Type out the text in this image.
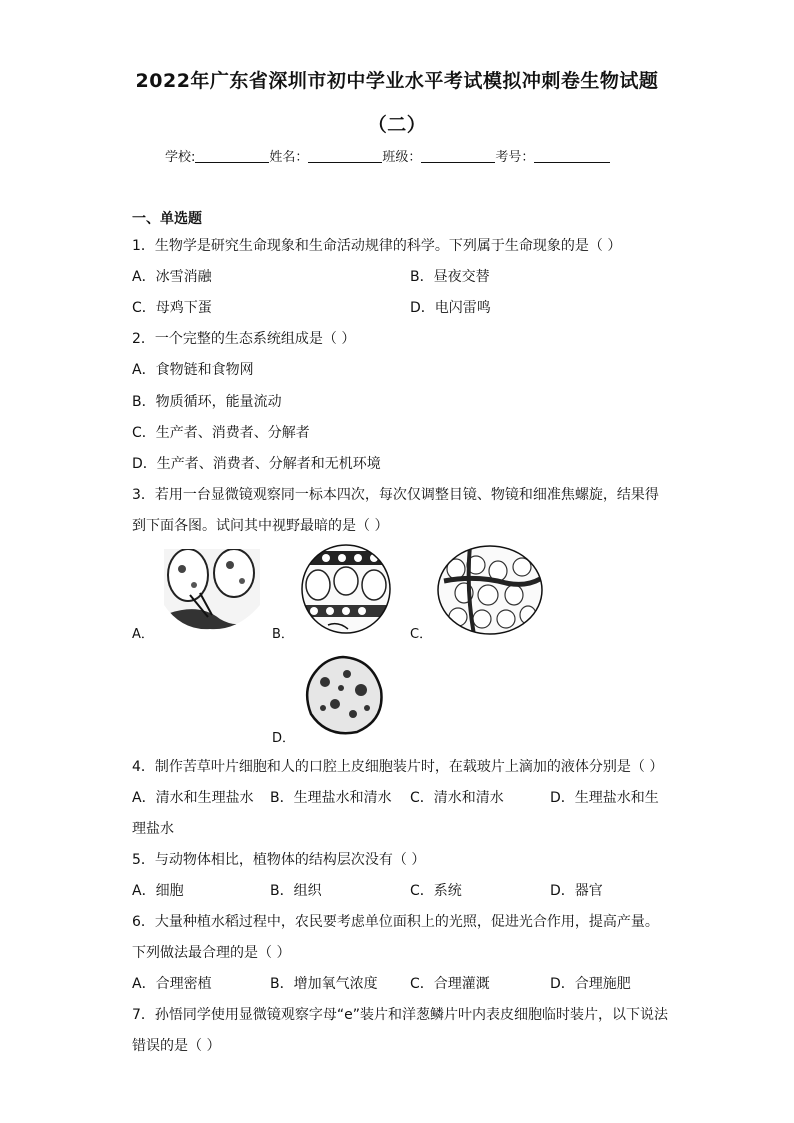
2022年广东省深圳市初中学业水平考试模拟冲刺卷生物试题
（二）
学校:	姓名：	班级：	考号：
一、单选题
1．生物学是研究生命现象和生命活动规律的科学。下列属于生命现象的是（ ）
A．冰雪消融	B．昼夜交替
C．母鸡下蛋	D．电闪雷鸣
2．一个完整的生态系统组成是（ ）
A．食物链和食物网
B．物质循环，能量流动
C．生产者、消费者、分解者
D．生产者、消费者、分解者和无机环境
3．若用一台显微镜观察同一标本四次，每次仅调整目镜、物镜和细准焦螺旋，结果得
到下面各图。试问其中视野最暗的是（ ）
A．	B．	C．
D．
4．制作苦草叶片细胞和人的口腔上皮细胞装片时，在载玻片上滴加的液体分别是（ ）
A．清水和生理盐水 B．生理盐水和清水 C．清水和清水	D．生理盐水和生
理盐水
5．与动物体相比，植物体的结构层次没有（ ）
A．细胞	B．组织	C．系统	D．器官
6．大量种植水稻过程中，农民要考虑单位面积上的光照，促进光合作用，提高产量。
下列做法最合理的是（ ）
A．合理密植	B．增加氧气浓度 C．合理灌溉	D．合理施肥
7．孙悟同学使用显微镜观察字母“e”装片和洋葱鳞片叶内表皮细胞临时装片，以下说法
错误的是（ ）
